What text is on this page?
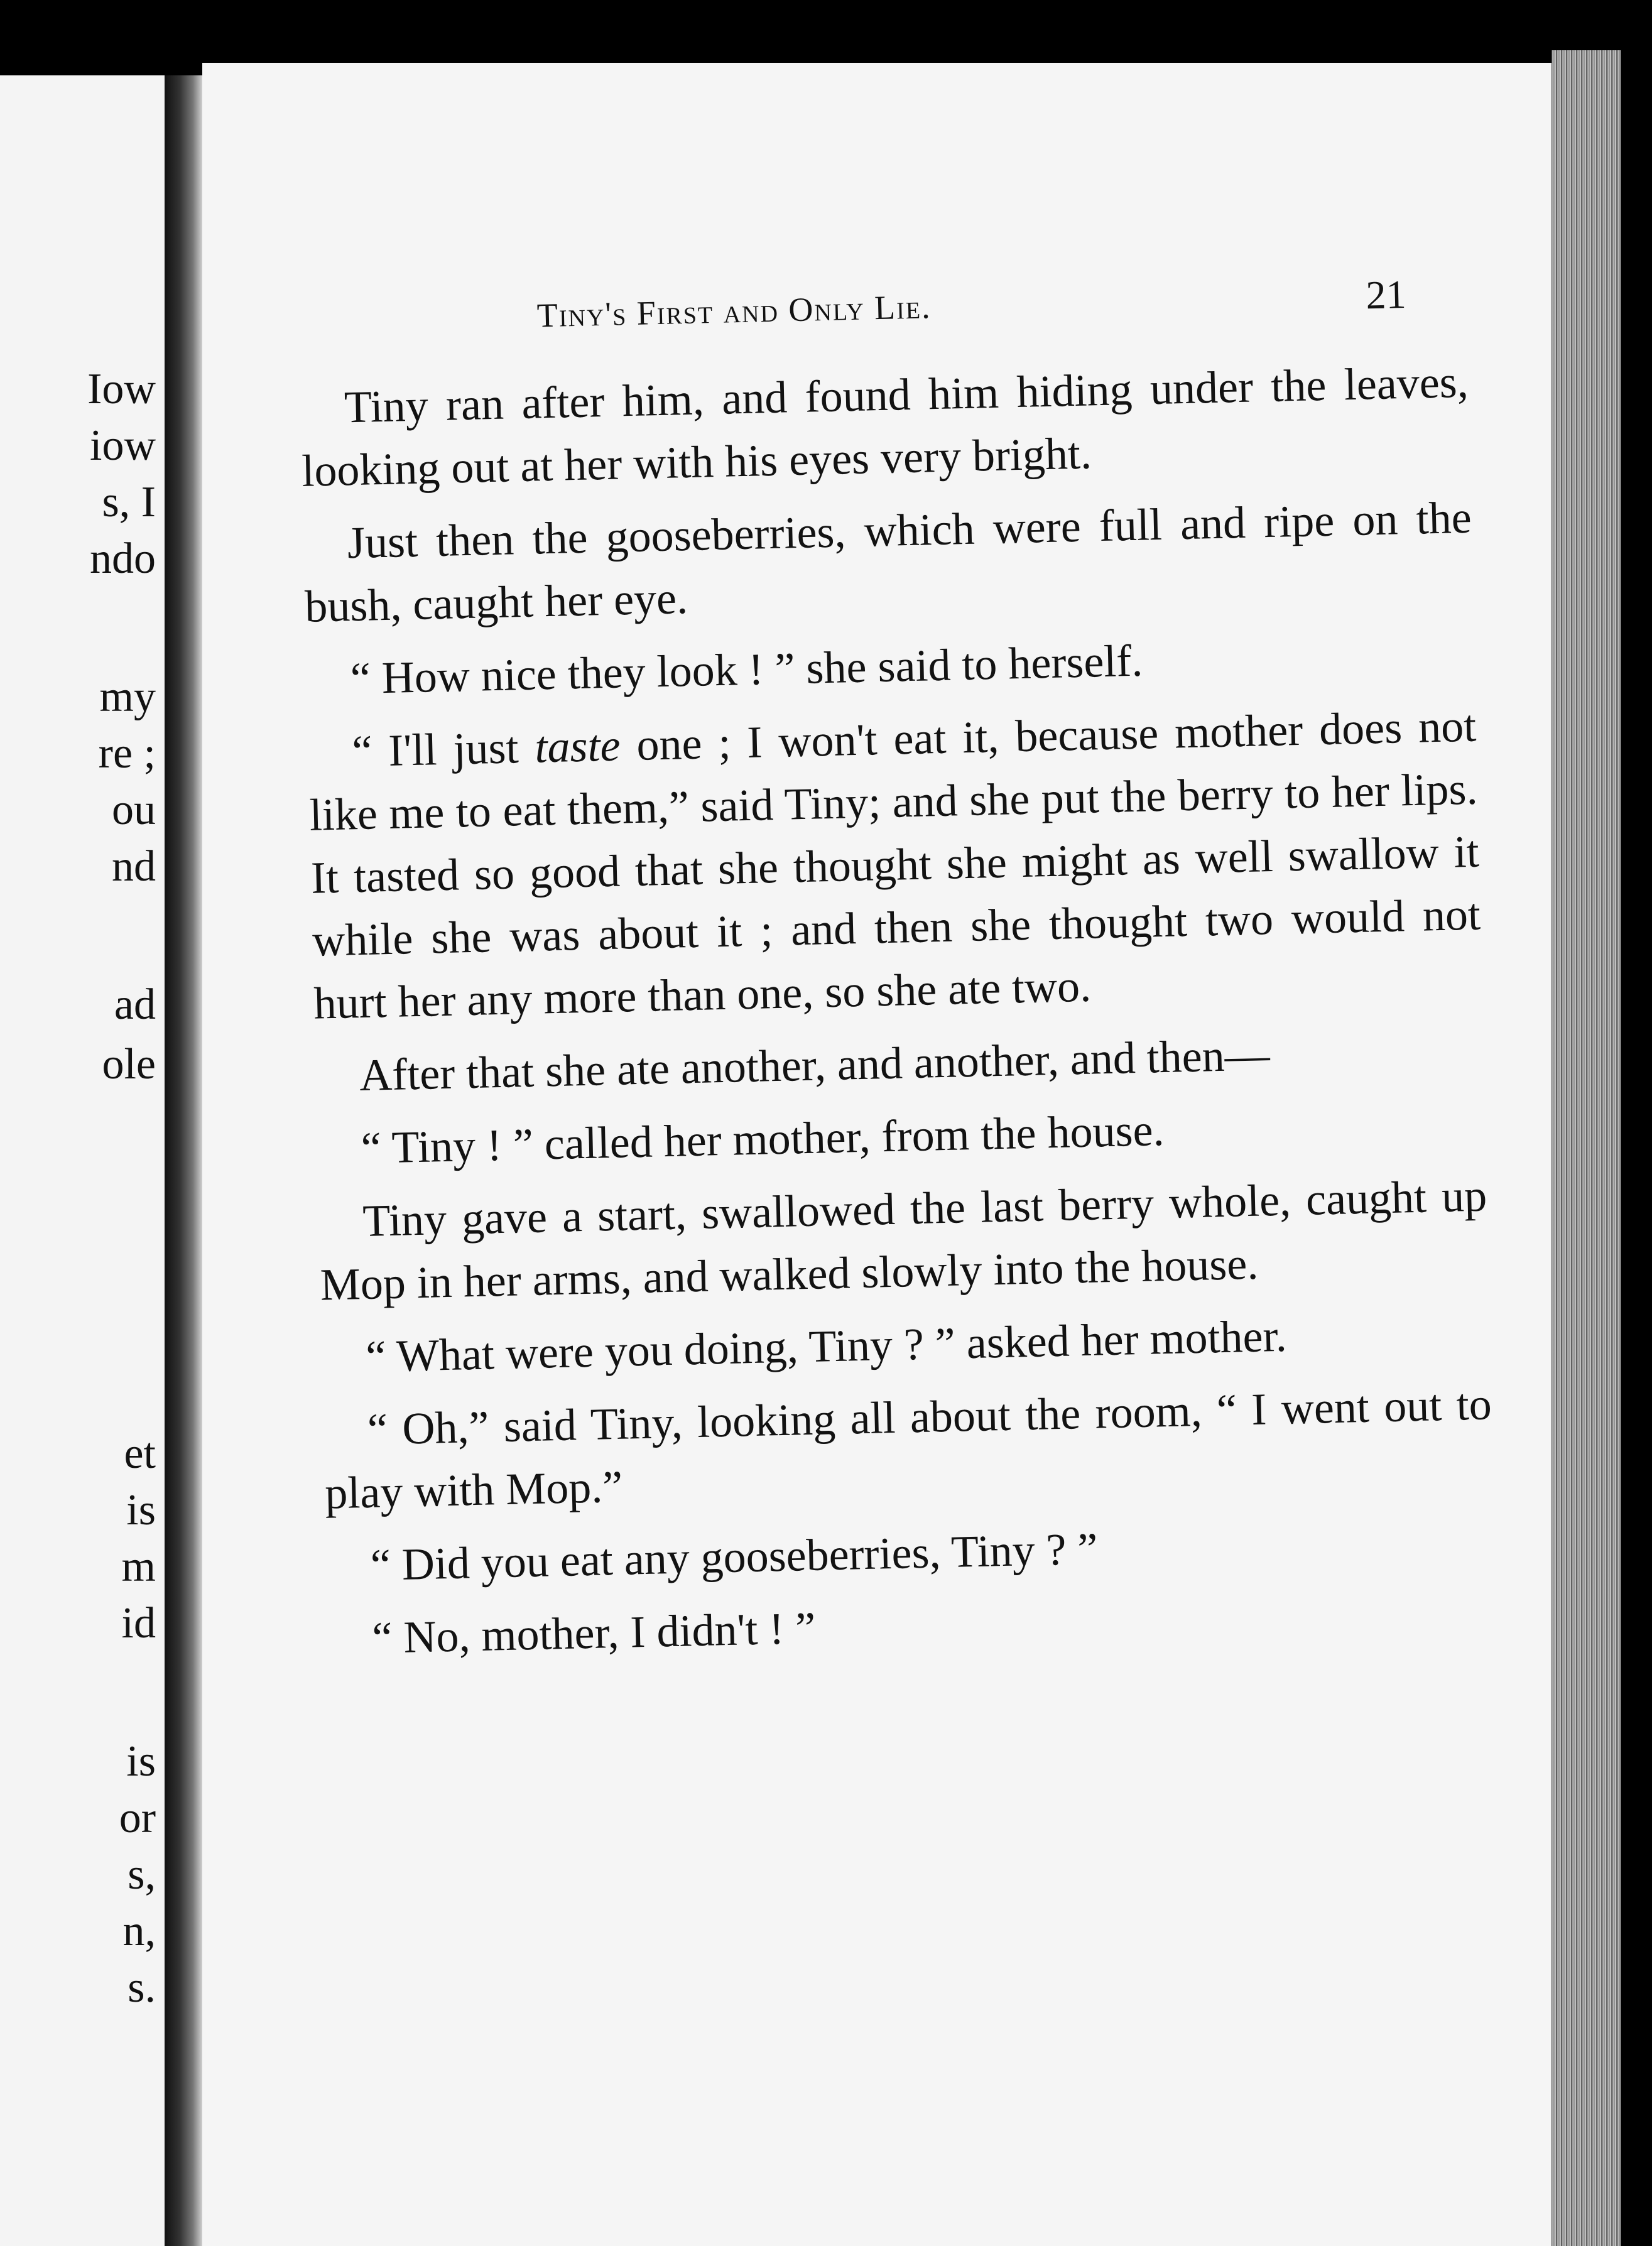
Iow
iow
s, I
ndo
my
re ;
ou
nd
ad
ole
et
is
m
id
is
or
s,
n,
s.
Tiny's First and Only Lie.	21

Tiny ran after him, and found him hiding under the leaves, looking out at her with his eyes very bright.

Just then the gooseberries, which were full and ripe on the bush, caught her eye.

“ How nice they look ! ” she said to herself.

“ I'll just taste one ; I won't eat it, because mother does not like me to eat them,” said Tiny; and she put the berry to her lips. It tasted so good that she thought she might as well swallow it while she was about it ; and then she thought two would not hurt her any more than one, so she ate two.

After that she ate another, and another, and then—

“ Tiny ! ” called her mother, from the house.

Tiny gave a start, swallowed the last berry whole, caught up Mop in her arms, and walked slowly into the house.

“ What were you doing, Tiny ? ” asked her mother.

“ Oh,” said Tiny, looking all about the room, “ I went out to play with Mop.”

“ Did you eat any gooseberries, Tiny ? ”

“ No, mother, I didn't ! ”
